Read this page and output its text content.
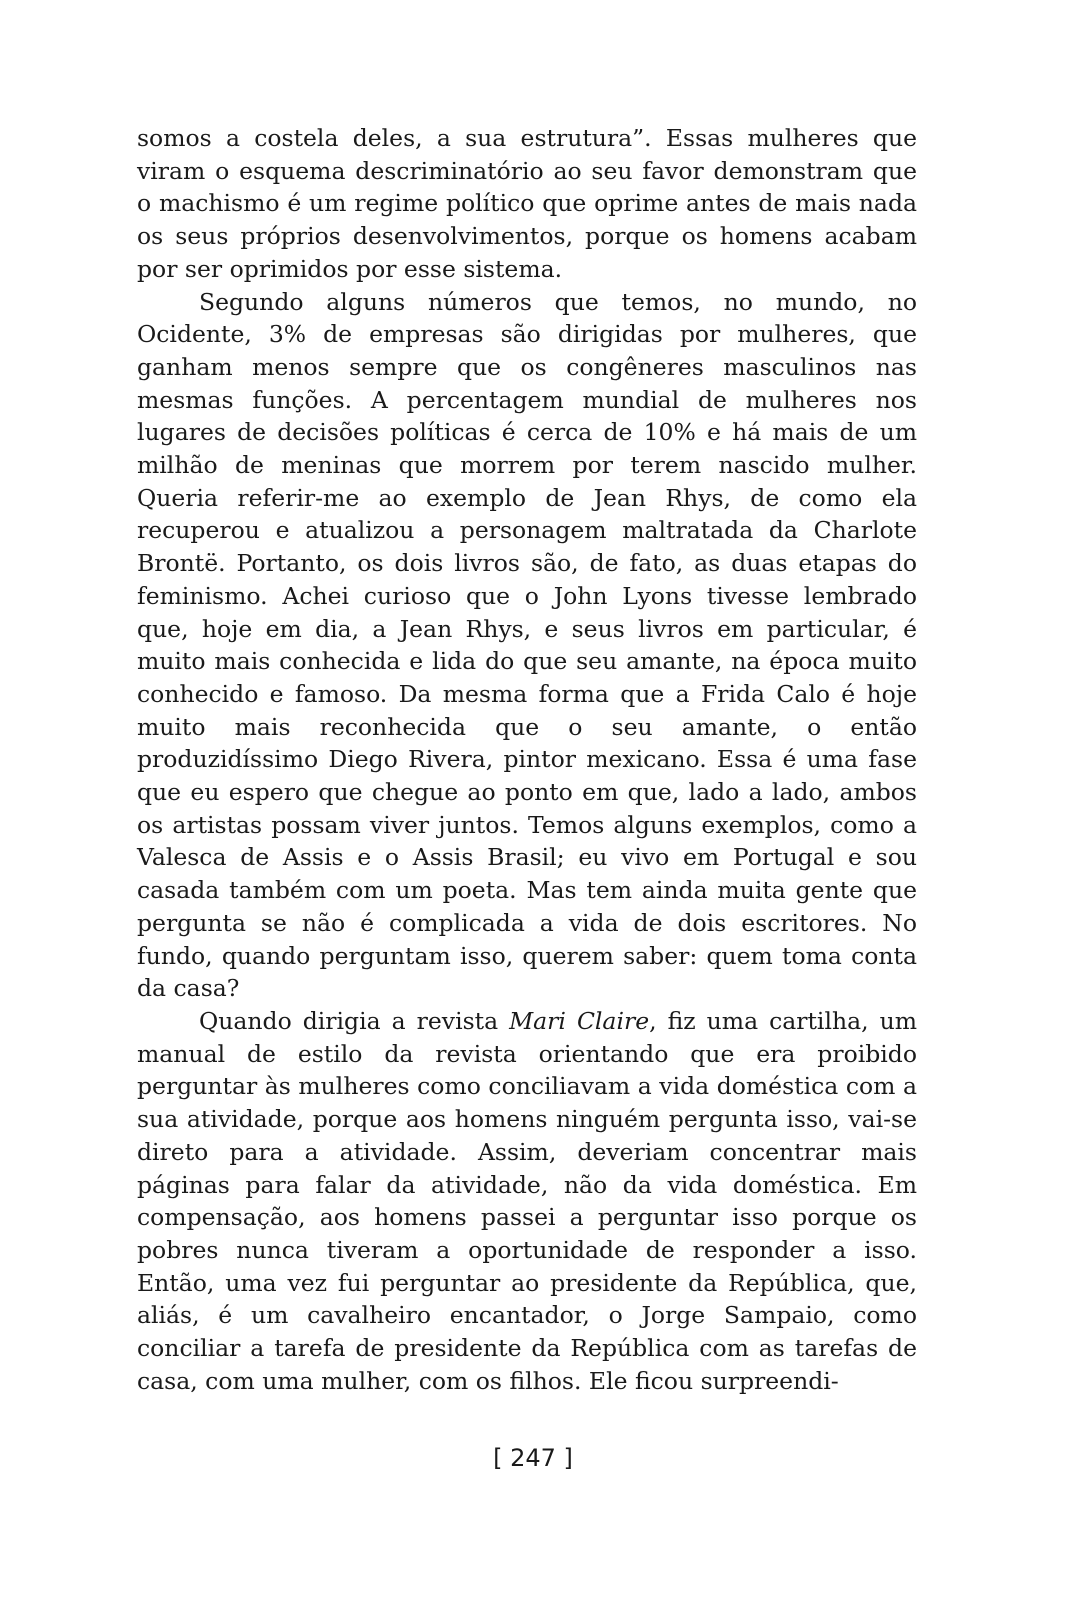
somos a costela deles, a sua estrutura”. Essas mulheres que viram o esquema descriminatório ao seu favor demonstram que o machismo é um regime político que oprime antes de mais nada os seus próprios desenvolvimentos, porque os homens acabam por ser oprimidos por esse sistema.

Segundo alguns números que temos, no mundo, no Ocidente, 3% de empresas são dirigidas por mulheres, que ganham menos sempre que os congêneres masculinos nas mesmas funções. A percentagem mundial de mulheres nos lugares de decisões políticas é cerca de 10% e há mais de um milhão de meninas que morrem por terem nascido mulher. Queria referir-me ao exemplo de Jean Rhys, de como ela recuperou e atualizou a personagem maltratada da Charlote Brontë. Portanto, os dois livros são, de fato, as duas etapas do feminismo. Achei curioso que o John Lyons tivesse lembrado que, hoje em dia, a Jean Rhys, e seus livros em particular, é muito mais conhecida e lida do que seu amante, na época muito conhecido e famoso. Da mesma forma que a Frida Calo é hoje muito mais reconhecida que o seu amante, o então produzidíssimo Diego Rivera, pintor mexicano. Essa é uma fase que eu espero que chegue ao ponto em que, lado a lado, ambos os artistas possam viver juntos. Temos alguns exemplos, como a Valesca de Assis e o Assis Brasil; eu vivo em Portugal e sou casada também com um poeta. Mas tem ainda muita gente que pergunta se não é complicada a vida de dois escritores. No fundo, quando perguntam isso, querem saber: quem toma conta da casa?

Quando dirigia a revista Mari Claire, fiz uma cartilha, um manual de estilo da revista orientando que era proibido perguntar às mulheres como conciliavam a vida doméstica com a sua atividade, porque aos homens ninguém pergunta isso, vai-se direto para a atividade. Assim, deveriam concentrar mais páginas para falar da atividade, não da vida doméstica. Em compensação, aos homens passei a perguntar isso porque os pobres nunca tiveram a oportunidade de responder a isso. Então, uma vez fui perguntar ao presidente da República, que, aliás, é um cavalheiro encantador, o Jorge Sampaio, como conciliar a tarefa de presidente da República com as tarefas de casa, com uma mulher, com os filhos. Ele ficou surpreendi-

[ 247 ]
